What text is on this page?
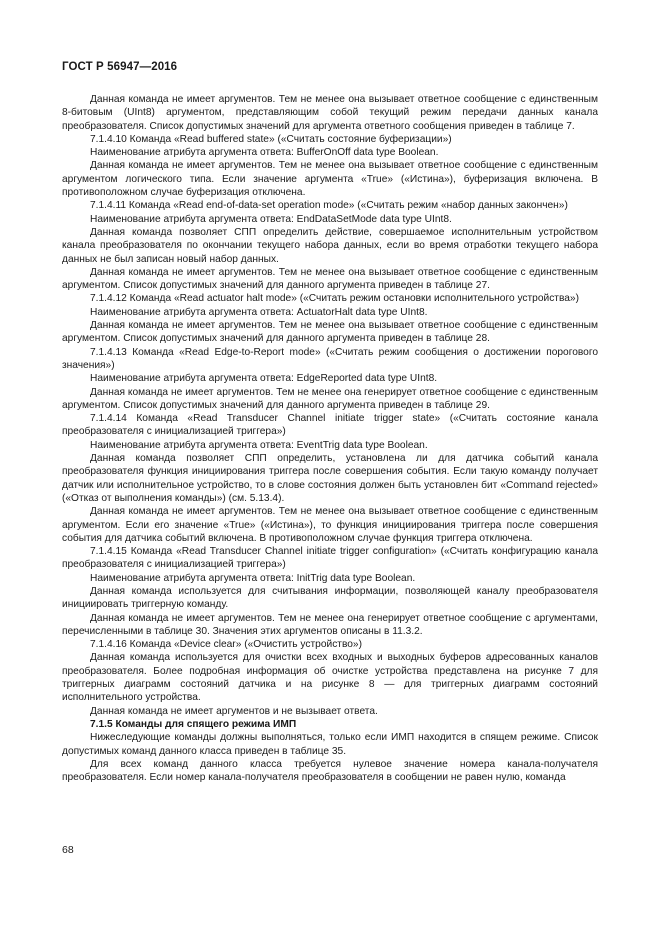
ГОСТ Р 56947—2016

Данная команда не имеет аргументов. Тем не менее она вызывает ответное сообщение с единственным 8-битовым (UInt8) аргументом, представляющим собой текущий режим передачи данных канала преобразователя. Список допустимых значений для аргумента ответного сообщения приведен в таблице 7.

7.1.4.10 Команда «Read buffered state» («Считать состояние буферизации»)

Наименование атрибута аргумента ответа: BufferOnOff data type Boolean.

Данная команда не имеет аргументов. Тем не менее она вызывает ответное сообщение с единственным аргументом логического типа. Если значение аргумента «True» («Истина»), буферизация включена. В противоположном случае буферизация отключена.

7.1.4.11 Команда «Read end-of-data-set operation mode» («Считать режим «набор данных закончен»)

Наименование атрибута аргумента ответа: EndDataSetMode data type UInt8.

Данная команда позволяет СПП определить действие, совершаемое исполнительным устройством канала преобразователя по окончании текущего набора данных, если во время отработки текущего набора данных не был записан новый набор данных.

Данная команда не имеет аргументов. Тем не менее она вызывает ответное сообщение с единственным аргументом. Список допустимых значений для данного аргумента приведен в таблице 27.

7.1.4.12 Команда «Read actuator halt mode» («Считать режим остановки исполнительного устройства»)

Наименование атрибута аргумента ответа: ActuatorHalt data type UInt8.

Данная команда не имеет аргументов. Тем не менее она вызывает ответное сообщение с единственным аргументом. Список допустимых значений для данного аргумента приведен в таблице 28.

7.1.4.13 Команда «Read Edge-to-Report mode» («Считать режим сообщения о достижении порогового значения»)

Наименование атрибута аргумента ответа: EdgeReported data type UInt8.

Данная команда не имеет аргументов. Тем не менее она генерирует ответное сообщение с единственным аргументом. Список допустимых значений для данного аргумента приведен в таблице 29.

7.1.4.14 Команда «Read Transducer Channel initiate trigger state» («Считать состояние канала преобразователя с инициализацией триггера»)

Наименование атрибута аргумента ответа: EventTrig data type Boolean.

Данная команда позволяет СПП определить, установлена ли для датчика событий канала преобразователя функция инициирования триггера после совершения события. Если такую команду получает датчик или исполнительное устройство, то в слове состояния должен быть установлен бит «Command rejected» («Отказ от выполнения команды») (см. 5.13.4).

Данная команда не имеет аргументов. Тем не менее она вызывает ответное сообщение с единственным аргументом. Если его значение «True» («Истина»), то функция инициирования триггера после совершения события для датчика событий включена. В противоположном случае функция триггера отключена.

7.1.4.15 Команда «Read Transducer Channel initiate trigger configuration» («Считать конфигурацию канала преобразователя с инициализацией триггера»)

Наименование атрибута аргумента ответа: InitTrig data type Boolean.

Данная команда используется для считывания информации, позволяющей каналу преобразователя инициировать триггерную команду.

Данная команда не имеет аргументов. Тем не менее она генерирует ответное сообщение с аргументами, перечисленными в таблице 30. Значения этих аргументов описаны в 11.3.2.

7.1.4.16 Команда «Device clear» («Очистить устройство»)

Данная команда используется для очистки всех входных и выходных буферов адресованных каналов преобразователя. Более подробная информация об очистке устройства представлена на рисунке 7 для триггерных диаграмм состояний датчика и на рисунке 8 — для триггерных диаграмм состояний исполнительного устройства.

Данная команда не имеет аргументов и не вызывает ответа.

7.1.5 Команды для спящего режима ИМП

Нижеследующие команды должны выполняться, только если ИМП находится в спящем режиме. Список допустимых команд данного класса приведен в таблице 35.

Для всех команд данного класса требуется нулевое значение номера канала-получателя преобразователя. Если номер канала-получателя преобразователя в сообщении не равен нулю, команда

68
